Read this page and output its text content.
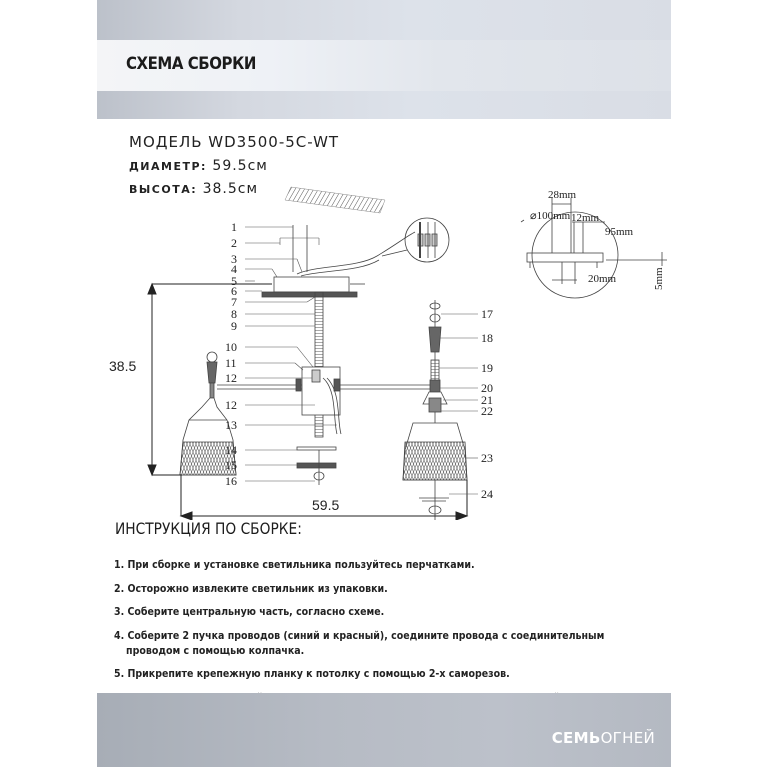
СХЕМА СБОРКИ
МОДЕЛЬ WD3500-5C-WT
ДИАМЕТР: 59.5см
ВЫСОТА: 38.5см
⌀100mm
28mm
12mm
95mm
20mm	5mm
38.5
59.5
1
2
3
4
5
6
7
8
9
10
11
12
12
13
14
15
16
17
18
19
20
21
22
23
24
ИНСТРУКЦИЯ ПО СБОРКЕ:
1. При сборке и установке светильника пользуйтесь перчатками.
2. Осторожно извлеките светильник из упаковки.
3. Соберите центральную часть, согласно схеме.
4. Соберите 2 пучка проводов (синий и красный), соедините провода с соединительным
проводом с помощью колпачка.
5. Прикрепите крепежную планку к потолку с помощью 2-х саморезов.
СЕМЬОГНЕЙ
